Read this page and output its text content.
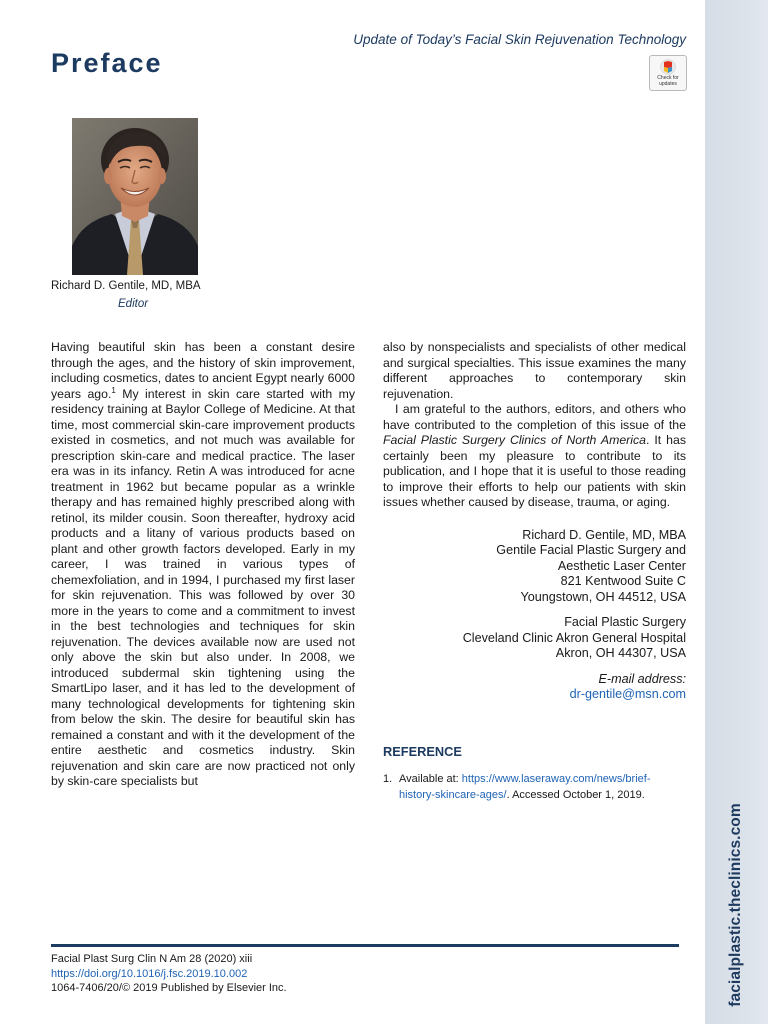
facialplastic.theclinics.com
Update of Today’s Facial Skin Rejuvenation Technology
Preface	Check for updates
Richard D. Gentile, MD, MBA
Editor

Having beautiful skin has been a constant desire through the ages, and the history of skin improvement, including cosmetics, dates to ancient Egypt nearly 6000 years ago.$^1$ My interest in skin care started with my residency training at Baylor College of Medicine. At that time, most commercial skin-care improvement products existed in cosmetics, and not much was available for prescription skin-care and medical practice. The laser era was in its infancy. Retin A was introduced for acne treatment in 1962 but became popular as a wrinkle therapy and has remained highly prescribed along with retinol, its milder cousin. Soon thereafter, hydroxy acid products and a litany of various products based on plant and other growth factors developed. Early in my career, I was trained in various types of chemexfoliation, and in 1994, I purchased my first laser for skin rejuvenation. This was followed by over 30 more in the years to come and a commitment to invest in the best technologies and techniques for skin rejuvenation. The devices available now are used not only above the skin but also under. In 2008, we introduced subdermal skin tightening using the SmartLipo laser, and it has led to the development of many technological developments for tightening skin from below the skin. The desire for beautiful skin has remained a constant and with it the development of the entire aesthetic and cosmetics industry. Skin rejuvenation and skin care are now practiced not only by skin-care specialists but

also by nonspecialists and specialists of other medical and surgical specialties. This issue examines the many different approaches to contemporary skin rejuvenation.

I am grateful to the authors, editors, and others who have contributed to the completion of this issue of the Facial Plastic Surgery Clinics of North America. It has certainly been my pleasure to contribute to its publication, and I hope that it is useful to those reading to improve their efforts to help our patients with skin issues whether caused by disease, trauma, or aging.

Richard D. Gentile, MD, MBA
Gentile Facial Plastic Surgery and
Aesthetic Laser Center
821 Kentwood Suite C
Youngstown, OH 44512, USA
Facial Plastic Surgery
Cleveland Clinic Akron General Hospital
Akron, OH 44307, USA
E-mail address:
dr-gentile@msn.com
REFERENCE
1. Available at: https://www.laseraway.com/news/brief-
history-skincare-ages/. Accessed October 1, 2019.
Facial Plast Surg Clin N Am 28 (2020) xiii
https://doi.org/10.1016/j.fsc.2019.10.002
1064-7406/20/© 2019 Published by Elsevier Inc.
